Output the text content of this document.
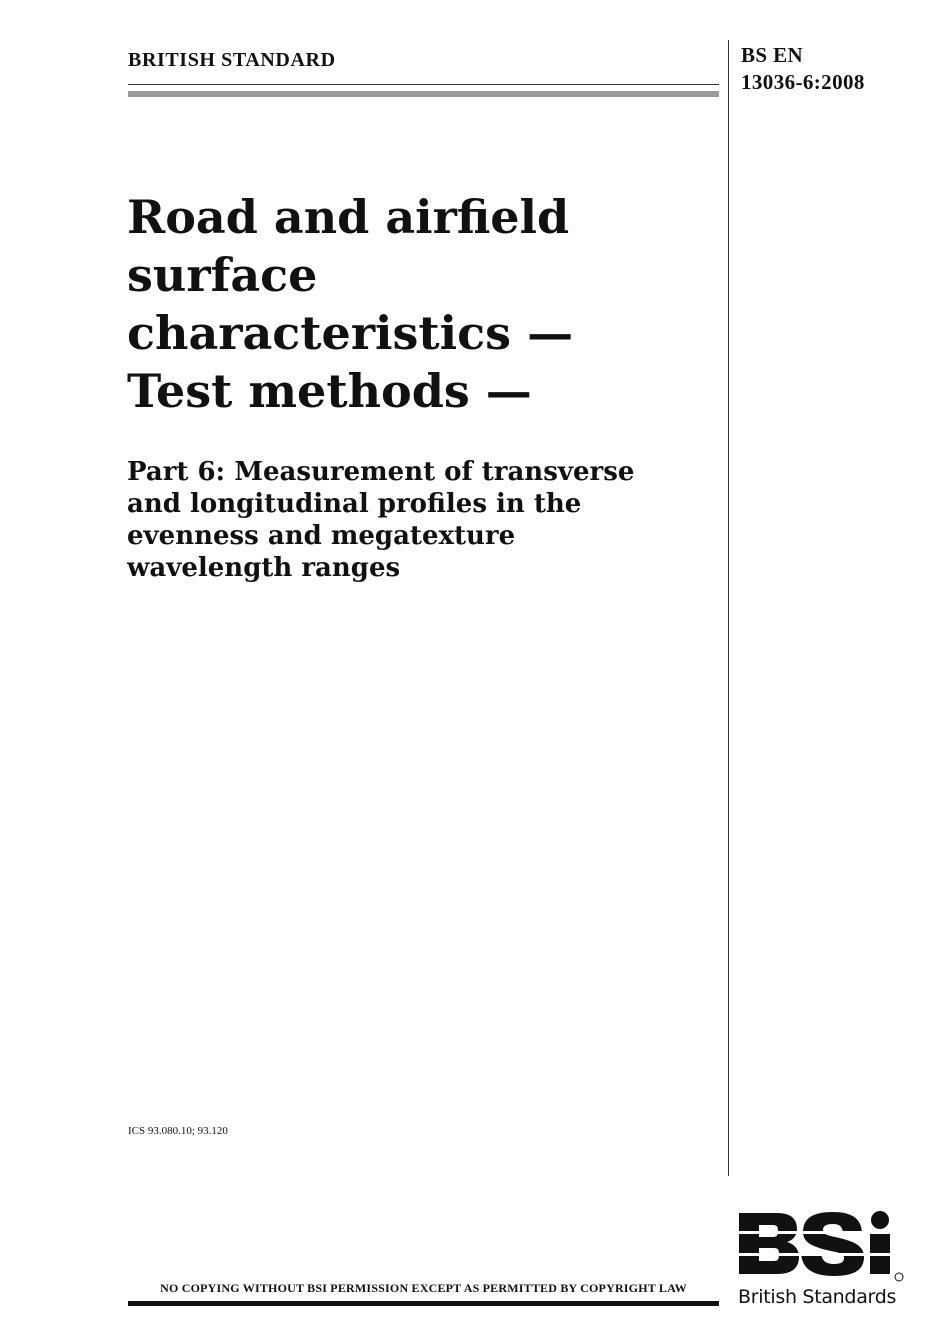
BRITISH STANDARD	BS EN
13036-6:2008
Road and airfield
surface
characteristics —
Test methods —
Part 6: Measurement of transverse
and longitudinal profiles in the
evenness and megatexture
wavelength ranges

ICS 93.080.10; 93.120

NO COPYING WITHOUT BSI PERMISSION EXCEPT AS PERMITTED BY COPYRIGHT LAW	British Standards
